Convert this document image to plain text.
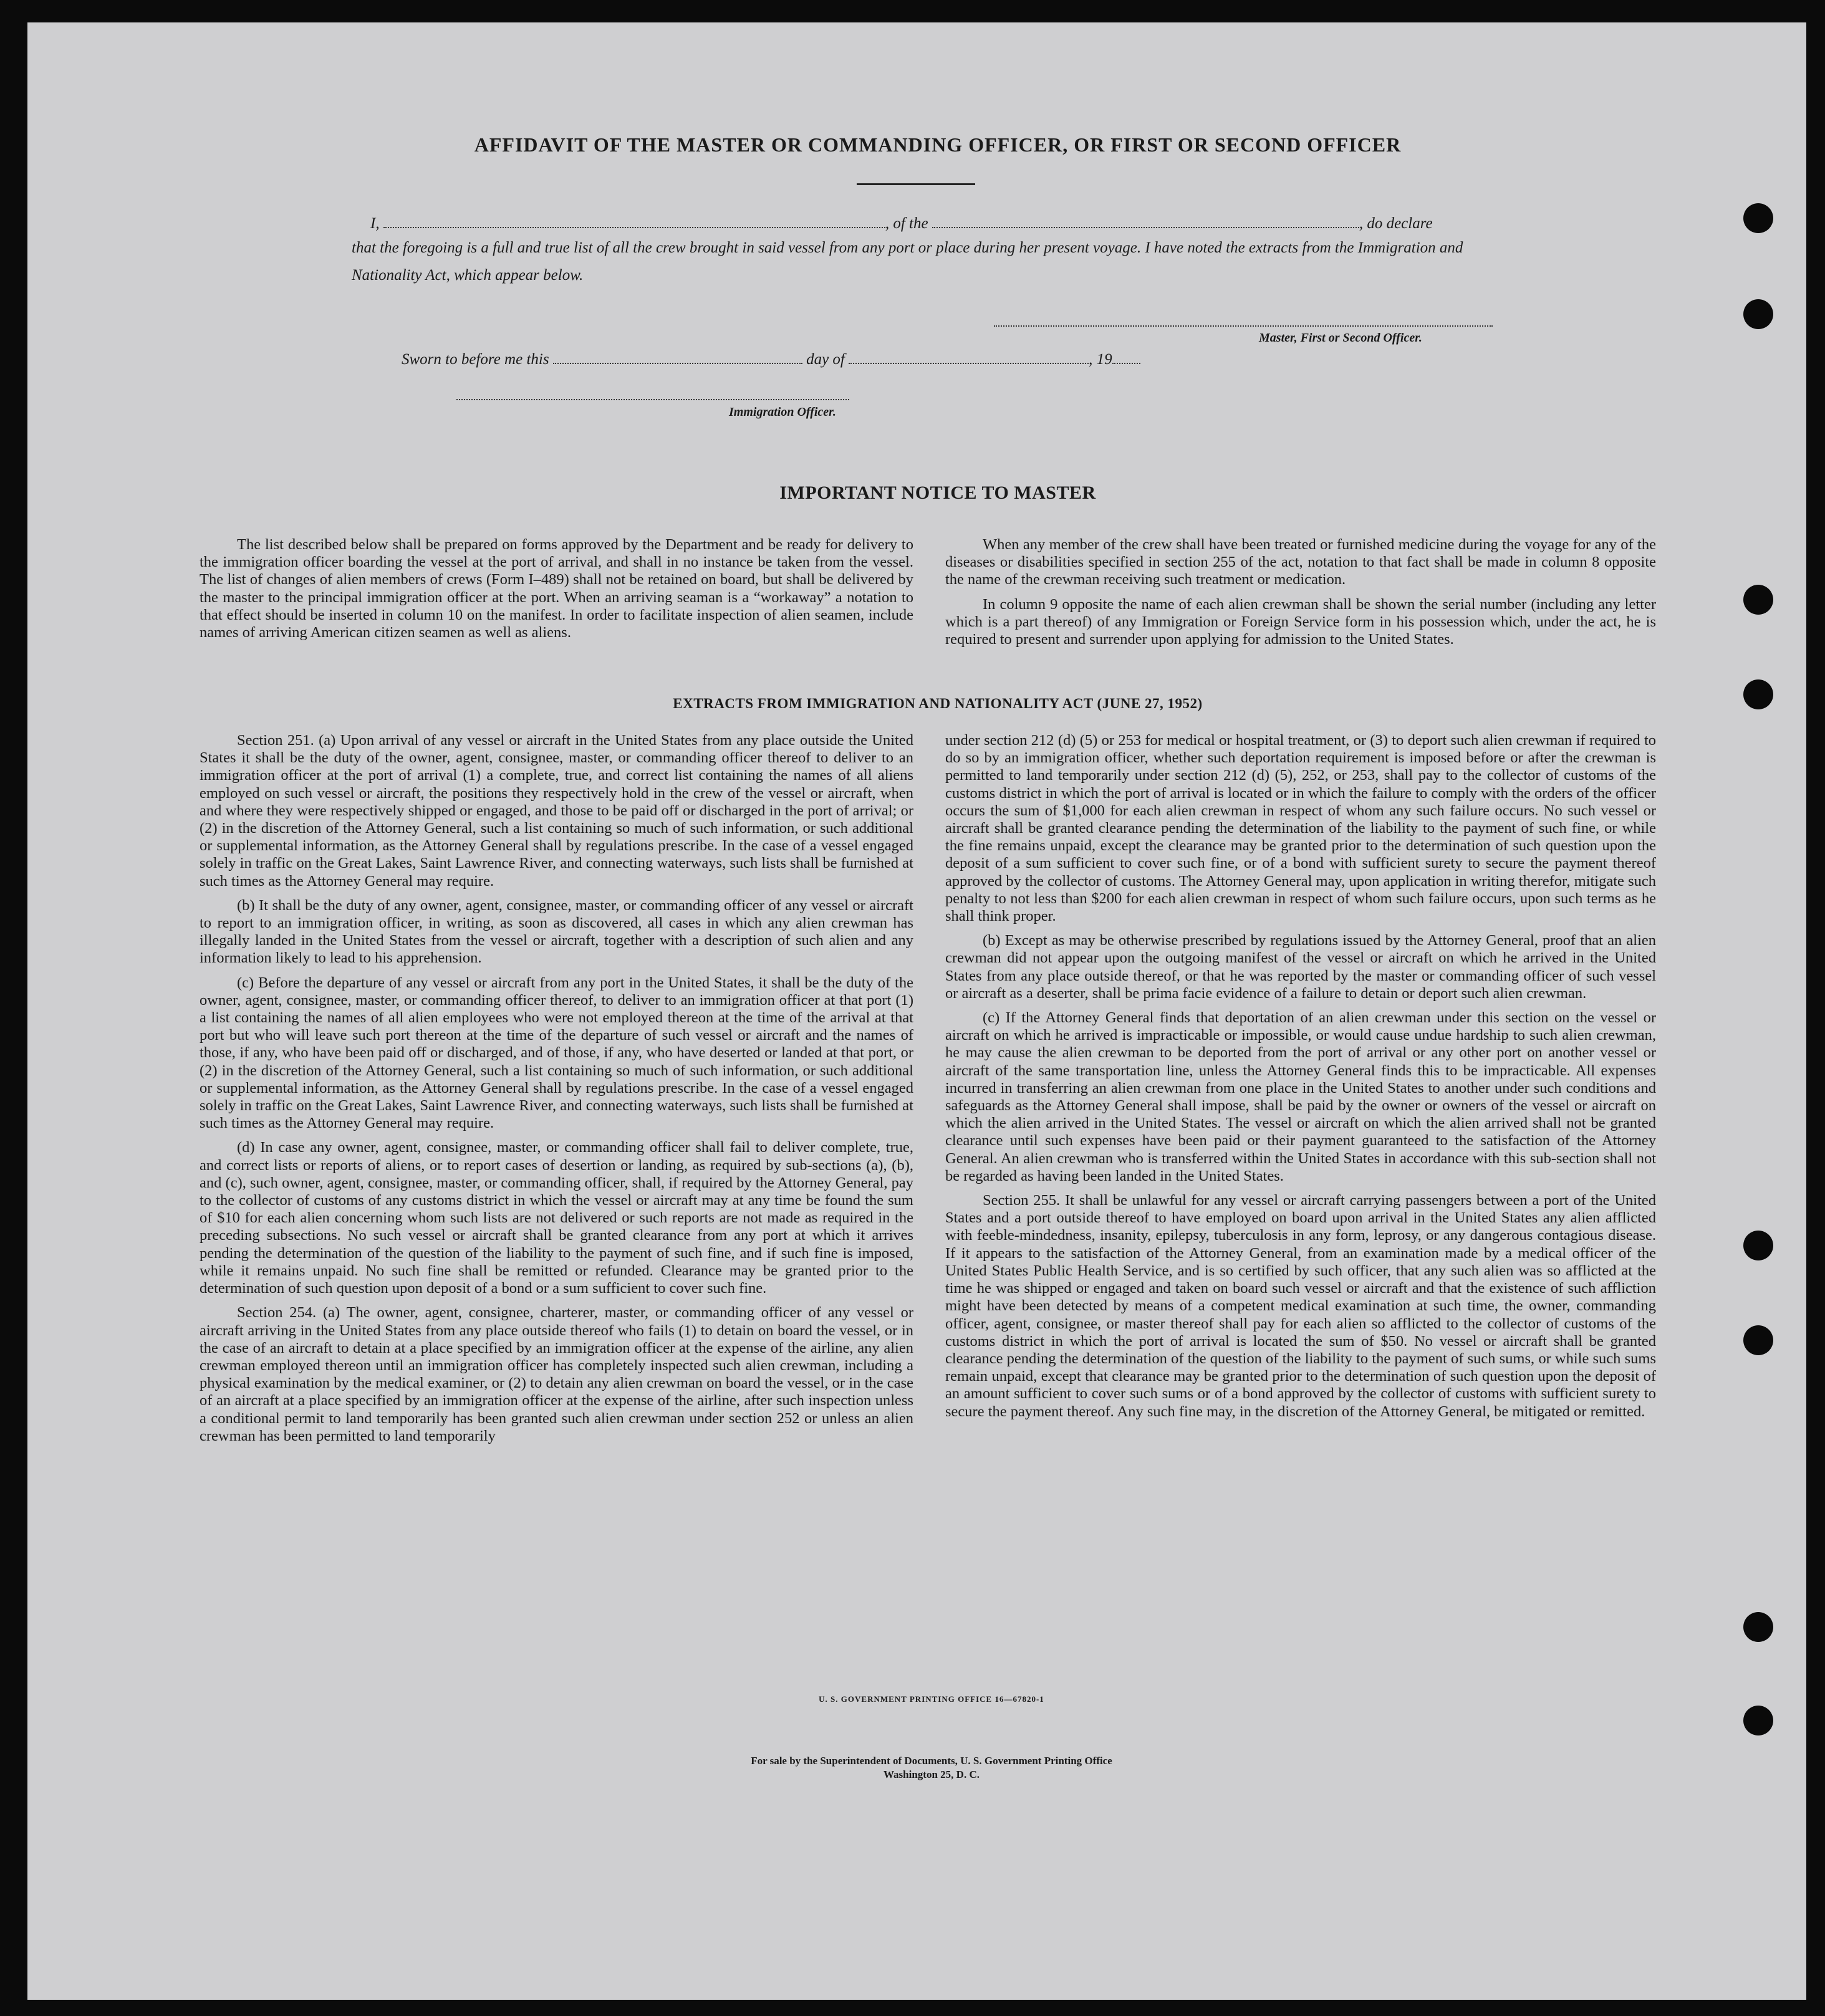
AFFIDAVIT OF THE MASTER OR COMMANDING OFFICER, OR FIRST OR SECOND OFFICER
I,	, of the	, do declare
that the foregoing is a full and true list of all the crew brought in said vessel from any port or place during her present voyage. I have noted the extracts from the Immigration and Nationality Act, which appear below.
Master, First or Second Officer.
Sworn to before me this	day of	, 19
Immigration Officer.
IMPORTANT NOTICE TO MASTER

The list described below shall be prepared on forms approved by the Department and be ready for delivery to the immigration officer boarding the vessel at the port of arrival, and shall in no instance be taken from the vessel. The list of changes of alien members of crews (Form I–489) shall not be retained on board, but shall be delivered by the master to the principal immigration officer at the port. When an arriving seaman is a “workaway” a notation to that effect should be inserted in column 10 on the manifest. In order to facilitate inspection of alien seamen, include names of arriving American citizen seamen as well as aliens.

When any member of the crew shall have been treated or furnished medicine during the voyage for any of the diseases or disabilities specified in section 255 of the act, notation to that fact shall be made in column 8 opposite the name of the crewman receiving such treatment or medication.

In column 9 opposite the name of each alien crewman shall be shown the serial number (including any letter which is a part thereof) of any Immigration or Foreign Service form in his possession which, under the act, he is required to present and surrender upon applying for admission to the United States.

EXTRACTS FROM IMMIGRATION AND NATIONALITY ACT (JUNE 27, 1952)

Section 251. (a) Upon arrival of any vessel or aircraft in the United States from any place outside the United States it shall be the duty of the owner, agent, consignee, master, or commanding officer thereof to deliver to an immigration officer at the port of arrival (1) a complete, true, and correct list containing the names of all aliens employed on such vessel or aircraft, the positions they respectively hold in the crew of the vessel or aircraft, when and where they were respectively shipped or engaged, and those to be paid off or discharged in the port of arrival; or (2) in the discretion of the Attorney General, such a list containing so much of such information, or such additional or supplemental information, as the Attorney General shall by regulations prescribe. In the case of a vessel engaged solely in traffic on the Great Lakes, Saint Lawrence River, and connecting waterways, such lists shall be furnished at such times as the Attorney General may require.

(b) It shall be the duty of any owner, agent, consignee, master, or commanding officer of any vessel or aircraft to report to an immigration officer, in writing, as soon as discovered, all cases in which any alien crewman has illegally landed in the United States from the vessel or aircraft, together with a description of such alien and any information likely to lead to his apprehension.

(c) Before the departure of any vessel or aircraft from any port in the United States, it shall be the duty of the owner, agent, consignee, master, or commanding officer thereof, to deliver to an immigration officer at that port (1) a list containing the names of all alien employees who were not employed thereon at the time of the arrival at that port but who will leave such port thereon at the time of the departure of such vessel or aircraft and the names of those, if any, who have been paid off or discharged, and of those, if any, who have deserted or landed at that port, or (2) in the discretion of the Attorney General, such a list containing so much of such information, or such additional or supplemental information, as the Attorney General shall by regulations prescribe. In the case of a vessel engaged solely in traffic on the Great Lakes, Saint Lawrence River, and connecting waterways, such lists shall be furnished at such times as the Attorney General may require.

(d) In case any owner, agent, consignee, master, or commanding officer shall fail to deliver complete, true, and correct lists or reports of aliens, or to report cases of desertion or landing, as required by sub-sections (a), (b), and (c), such owner, agent, consignee, master, or commanding officer, shall, if required by the Attorney General, pay to the collector of customs of any customs district in which the vessel or aircraft may at any time be found the sum of $10 for each alien concerning whom such lists are not delivered or such reports are not made as required in the preceding subsections. No such vessel or aircraft shall be granted clearance from any port at which it arrives pending the determination of the question of the liability to the payment of such fine, and if such fine is imposed, while it remains unpaid. No such fine shall be remitted or refunded. Clearance may be granted prior to the determination of such question upon deposit of a bond or a sum sufficient to cover such fine.

Section 254. (a) The owner, agent, consignee, charterer, master, or commanding officer of any vessel or aircraft arriving in the United States from any place outside thereof who fails (1) to detain on board the vessel, or in the case of an aircraft to detain at a place specified by an immigration officer at the expense of the airline, any alien crewman employed thereon until an immigration officer has completely inspected such alien crewman, including a physical examination by the medical examiner, or (2) to detain any alien crewman on board the vessel, or in the case of an aircraft at a place specified by an immigration officer at the expense of the airline, after such inspection unless a conditional permit to land temporarily has been granted such alien crewman under section 252 or unless an alien crewman has been permitted to land temporarily

under section 212 (d) (5) or 253 for medical or hospital treatment, or (3) to deport such alien crewman if required to do so by an immigration officer, whether such deportation requirement is imposed before or after the crewman is permitted to land temporarily under section 212 (d) (5), 252, or 253, shall pay to the collector of customs of the customs district in which the port of arrival is located or in which the failure to comply with the orders of the officer occurs the sum of $1,000 for each alien crewman in respect of whom any such failure occurs. No such vessel or aircraft shall be granted clearance pending the determination of the liability to the payment of such fine, or while the fine remains unpaid, except the clearance may be granted prior to the determination of such question upon the deposit of a sum sufficient to cover such fine, or of a bond with sufficient surety to secure the payment thereof approved by the collector of customs. The Attorney General may, upon application in writing therefor, mitigate such penalty to not less than $200 for each alien crewman in respect of whom such failure occurs, upon such terms as he shall think proper.

(b) Except as may be otherwise prescribed by regulations issued by the Attorney General, proof that an alien crewman did not appear upon the outgoing manifest of the vessel or aircraft on which he arrived in the United States from any place outside thereof, or that he was reported by the master or commanding officer of such vessel or aircraft as a deserter, shall be prima facie evidence of a failure to detain or deport such alien crewman.

(c) If the Attorney General finds that deportation of an alien crewman under this section on the vessel or aircraft on which he arrived is impracticable or impossible, or would cause undue hardship to such alien crewman, he may cause the alien crewman to be deported from the port of arrival or any other port on another vessel or aircraft of the same transportation line, unless the Attorney General finds this to be impracticable. All expenses incurred in transferring an alien crewman from one place in the United States to another under such conditions and safeguards as the Attorney General shall impose, shall be paid by the owner or owners of the vessel or aircraft on which the alien arrived in the United States. The vessel or aircraft on which the alien arrived shall not be granted clearance until such expenses have been paid or their payment guaranteed to the satisfaction of the Attorney General. An alien crewman who is transferred within the United States in accordance with this sub-section shall not be regarded as having been landed in the United States.

Section 255. It shall be unlawful for any vessel or aircraft carrying passengers between a port of the United States and a port outside thereof to have employed on board upon arrival in the United States any alien afflicted with feeble-mindedness, insanity, epilepsy, tuberculosis in any form, leprosy, or any dangerous contagious disease. If it appears to the satisfaction of the Attorney General, from an examination made by a medical officer of the United States Public Health Service, and is so certified by such officer, that any such alien was so afflicted at the time he was shipped or engaged and taken on board such vessel or aircraft and that the existence of such affliction might have been detected by means of a competent medical examination at such time, the owner, commanding officer, agent, consignee, or master thereof shall pay for each alien so afflicted to the collector of customs of the customs district in which the port of arrival is located the sum of $50. No vessel or aircraft shall be granted clearance pending the determination of the question of the liability to the payment of such sums, or while such sums remain unpaid, except that clearance may be granted prior to the determination of such question upon the deposit of an amount sufficient to cover such sums or of a bond approved by the collector of customs with sufficient surety to secure the payment thereof. Any such fine may, in the discretion of the Attorney General, be mitigated or remitted.

U. S. GOVERNMENT PRINTING OFFICE 16—67820-1
For sale by the Superintendent of Documents, U. S. Government Printing Office
Washington 25, D. C.
